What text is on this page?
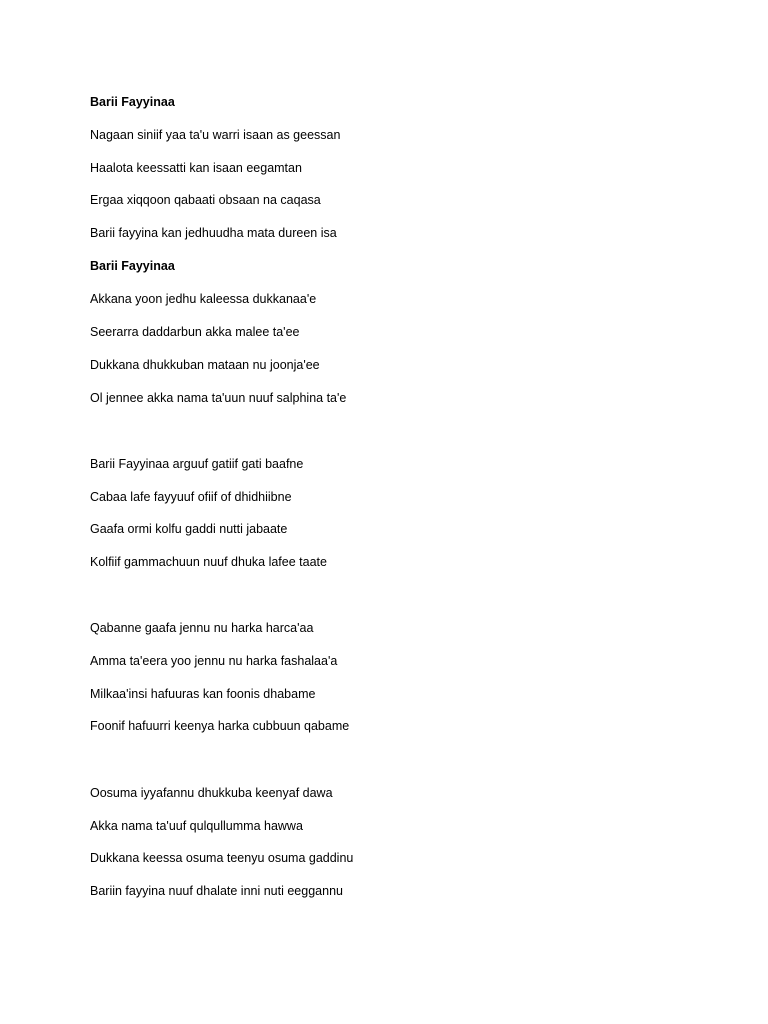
Barii Fayyinaa
Nagaan siniif yaa ta'u warri isaan as geessan
Haalota keessatti kan isaan eegamtan
Ergaa xiqqoon qabaati obsaan na caqasa
Barii fayyina kan jedhuudha mata dureen isa
Barii Fayyinaa
Akkana yoon jedhu kaleessa dukkanaa'e
Seerarra daddarbun akka malee ta'ee
Dukkana dhukkuban mataan nu joonja'ee
Ol jennee akka nama ta'uun nuuf salphina ta'e
Barii Fayyinaa arguuf gatiif gati baafne
Cabaa lafe fayyuuf ofiif of dhidhiibne
Gaafa ormi kolfu gaddi nutti jabaate
Kolfiif gammachuun nuuf dhuka lafee taate
Qabanne gaafa jennu nu harka harca'aa
Amma ta'eera yoo jennu nu harka fashalaa'a
Milkaa'insi hafuuras kan foonis dhabame
Foonif hafuurri keenya harka cubbuun qabame
Oosuma iyyafannu dhukkuba keenyaf dawa
Akka nama ta'uuf qulqullumma hawwa
Dukkana keessa osuma teenyu osuma gaddinu
Bariin fayyina nuuf dhalate inni nuti eeggannu
